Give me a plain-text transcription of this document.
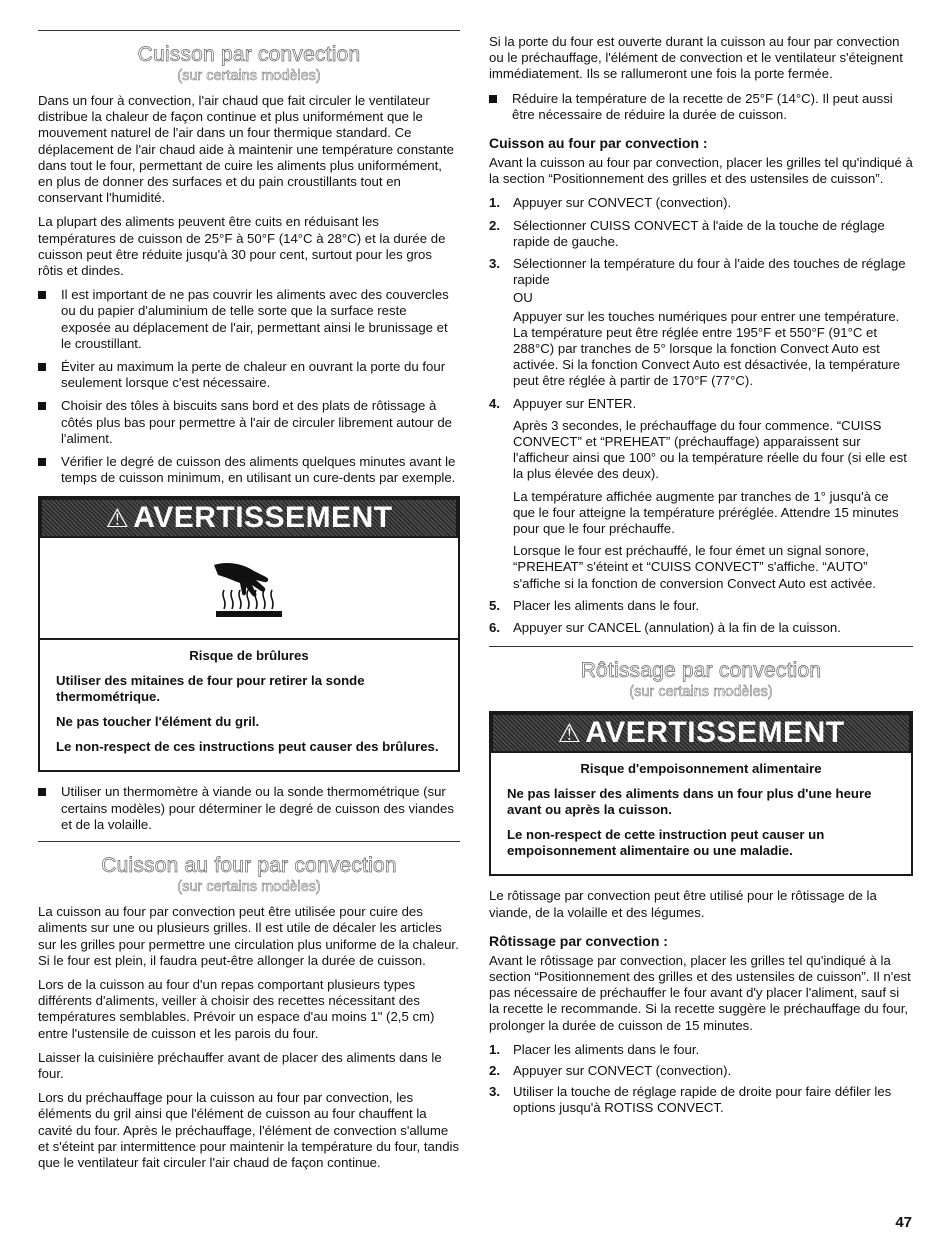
Cuisson par convection
(sur certains modèles)

Dans un four à convection, l'air chaud que fait circuler le ventilateur distribue la chaleur de façon continue et plus uniformément que le mouvement naturel de l'air dans un four thermique standard. Ce déplacement de l'air chaud aide à maintenir une température constante dans tout le four, permettant de cuire les aliments plus uniformément, en plus de donner des surfaces et du pain croustillants tout en conservant l'humidité.

La plupart des aliments peuvent être cuits en réduisant les températures de cuisson de 25°F à 50°F (14°C à 28°C) et la durée de cuisson peut être réduite jusqu'à 30 pour cent, surtout pour les gros rôtis et dindes.

Il est important de ne pas couvrir les aliments avec des couvercles ou du papier d'aluminium de telle sorte que la surface reste exposée au déplacement de l'air, permettant ainsi le brunissage et le croustillant.
Éviter au maximum la perte de chaleur en ouvrant la porte du four seulement lorsque c'est nécessaire.
Choisir des tôles à biscuits sans bord et des plats de rôtissage à côtés plus bas pour permettre à l'air de circuler librement autour de l'aliment.
Vérifier le degré de cuisson des aliments quelques minutes avant le temps de cuisson minimum, en utilisant un cure-dents par exemple.
⚠ AVERTISSEMENT
Risque de brûlures

Utiliser des mitaines de four pour retirer la sonde thermométrique.

Ne pas toucher l'élément du gril.

Le non-respect de ces instructions peut causer des brûlures.

Utiliser un thermomètre à viande ou la sonde thermométrique (sur certains modèles) pour déterminer le degré de cuisson des viandes et de la volaille.
Cuisson au four par convection
(sur certains modèles)

La cuisson au four par convection peut être utilisée pour cuire des aliments sur une ou plusieurs grilles. Il est utile de décaler les articles sur les grilles pour permettre une circulation plus uniforme de la chaleur. Si le four est plein, il faudra peut-être allonger la durée de cuisson.

Lors de la cuisson au four d'un repas comportant plusieurs types différents d'aliments, veiller à choisir des recettes nécessitant des températures semblables. Prévoir un espace d'au moins 1" (2,5 cm) entre l'ustensile de cuisson et les parois du four.

Laisser la cuisinière préchauffer avant de placer des aliments dans le four.

Lors du préchauffage pour la cuisson au four par convection, les éléments du gril ainsi que l'élément de cuisson au four chauffent la cavité du four. Après le préchauffage, l'élément de convection s'allume et s'éteint par intermittence pour maintenir la température du four, tandis que le ventilateur fait circuler l'air chaud de façon continue.

Si la porte du four est ouverte durant la cuisson au four par convection ou le préchauffage, l'élément de convection et le ventilateur s'éteignent immédiatement. Ils se rallumeront une fois la porte fermée.

Réduire la température de la recette de 25°F (14°C). Il peut aussi être nécessaire de réduire la durée de cuisson.
Cuisson au four par convection :

Avant la cuisson au four par convection, placer les grilles tel qu'indiqué à la section “Positionnement des grilles et des ustensiles de cuisson”.

1. Appuyer sur CONVECT (convection).

2. Sélectionner CUISS CONVECT à l'aide de la touche de réglage rapide de gauche.

3. Sélectionner la température du four à l'aide des touches de réglage rapide

OU

Appuyer sur les touches numériques pour entrer une température. La température peut être réglée entre 195°F et 550°F (91°C et 288°C) par tranches de 5° lorsque la fonction Convect Auto est activée. Si la fonction Convect Auto est désactivée, la température peut être réglée à partir de 170°F (77°C).

4. Appuyer sur ENTER.

Après 3 secondes, le préchauffage du four commence. “CUISS CONVECT” et “PREHEAT” (préchauffage) apparaissent sur l'afficheur ainsi que 100° ou la température réelle du four (si elle est la plus élevée des deux).

La température affichée augmente par tranches de 1° jusqu'à ce que le four atteigne la température préréglée. Attendre 15 minutes pour que le four préchauffe.

Lorsque le four est préchauffé, le four émet un signal sonore, “PREHEAT” s'éteint et “CUISS CONVECT” s'affiche. “AUTO” s'affiche si la fonction de conversion Convect Auto est activée.

5. Placer les aliments dans le four.

6. Appuyer sur CANCEL (annulation) à la fin de la cuisson.

Rôtissage par convection
(sur certains modèles)
⚠ AVERTISSEMENT
Risque d'empoisonnement alimentaire

Ne pas laisser des aliments dans un four plus d'une heure avant ou après la cuisson.

Le non-respect de cette instruction peut causer un empoisonnement alimentaire ou une maladie.

Le rôtissage par convection peut être utilisé pour le rôtissage de la viande, de la volaille et des légumes.

Rôtissage par convection :

Avant le rôtissage par convection, placer les grilles tel qu'indiqué à la section “Positionnement des grilles et des ustensiles de cuisson”. Il n'est pas nécessaire de préchauffer le four avant d'y placer l'aliment, sauf si la recette le recommande. Si la recette suggère le préchauffage du four, prolonger la durée de cuisson de 15 minutes.

1. Placer les aliments dans le four.
2. Appuyer sur CONVECT (convection).
3. Utiliser la touche de réglage rapide de droite pour faire défiler les options jusqu'à ROTISS CONVECT.
47
